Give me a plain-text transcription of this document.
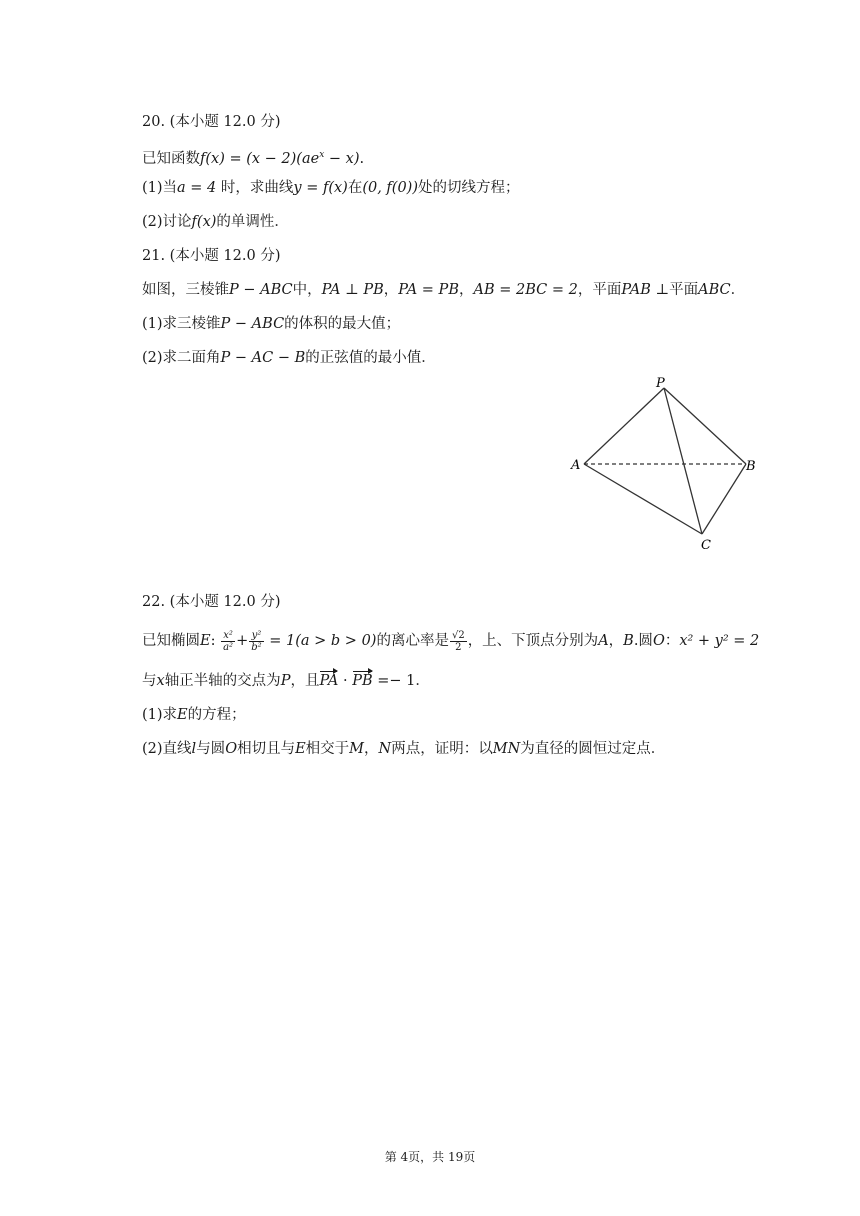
20. (本小题 12.0 分)
已知函数$f(x) = (x - 2)(ae^x - x)$.
(1)当a = 4 时，求曲线y = f(x)在(0, f(0))处的切线方程；
(2)讨论f(x)的单调性．
21. (本小题 12.0 分)
如图，三棱锥P − ABC中，PA ⊥ PB，PA = PB，AB = 2BC = 2，平面PAB ⊥平面ABC．
(1)求三棱锥P − ABC的体积的最大值；
(2)求二面角P − AC − B的正弦值的最小值．
P
A	B
C
22. (本小题 12.0 分)
已知椭圆E: $\frac{\text{x²}}{\text{a²}} + \frac{\text{y²}}{\text{b²}} = 1(a > b > 0)$的离心率是 $\frac{√2}{2}$ ，上、下顶点分别为A，B.圆O：x² + y² = 2
与x轴正半轴的交点为P，且PA · PB =− 1．
(1)求E的方程；
(2)直线l与圆O相切且与E相交于M，N两点，证明：以MN为直径的圆恒过定点．
第 4页，共 19页
